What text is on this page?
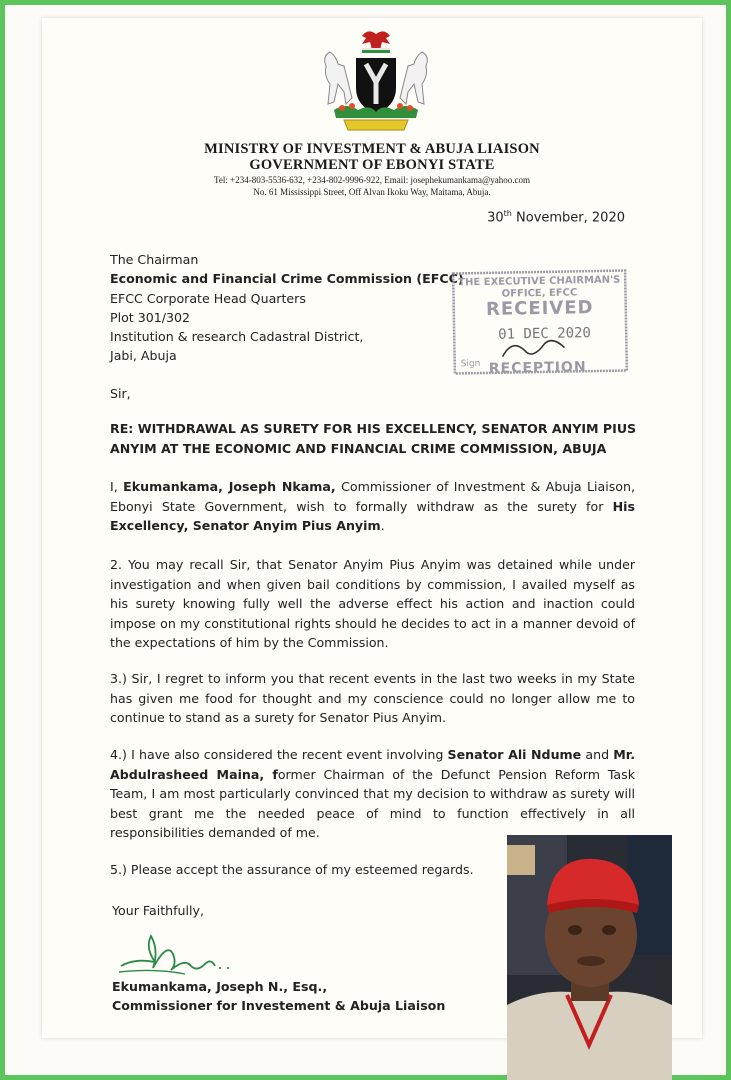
MINISTRY OF INVESTMENT & ABUJA LIAISON
GOVERNMENT OF EBONYI STATE
Tel: +234-803-5536-632, +234-802-9996-922, Email: josephekumankama@yahoo.com
No. 61 Mississippi Street, Off Alvan Ikoku Way, Maitama, Abuja.
30th November, 2020
The Chairman
Economic and Financial Crime Commission (EFCC)
EFCC Corporate Head Quarters
Plot 301/302
Institution & research Cadastral District,
Jabi, Abuja
THE EXECUTIVE CHAIRMAN'S
OFFICE, EFCC
RECEIVED
01 DEC 2020
Sign RECEPTION
Sir,
RE: WITHDRAWAL AS SURETY FOR HIS EXCELLENCY, SENATOR ANYIM PIUS
ANYIM AT THE ECONOMIC AND FINANCIAL CRIME COMMISSION, ABUJA
I, Ekumankama, Joseph Nkama, Commissioner of Investment & Abuja Liaison, Ebonyi State Government, wish to formally withdraw as the surety for His Excellency, Senator Anyim Pius Anyim.
2. You may recall Sir, that Senator Anyim Pius Anyim was detained while under investigation and when given bail conditions by commission, I availed myself as his surety knowing fully well the adverse effect his action and inaction could impose on my constitutional rights should he decides to act in a manner devoid of the expectations of him by the Commission.
3.) Sir, I regret to inform you that recent events in the last two weeks in my State has given me food for thought and my conscience could no longer allow me to continue to stand as a surety for Senator Pius Anyim.
4.) I have also considered the recent event involving Senator Ali Ndume and Mr. Abdulrasheed Maina, former Chairman of the Defunct Pension Reform Task Team, I am most particularly convinced that my decision to withdraw as surety will best grant me the needed peace of mind to function effectively in all responsibilities demanded of me.
5.) Please accept the assurance of my esteemed regards.
Your Faithfully,
Ekumankama, Joseph N., Esq.,
Commissioner for Investement & Abuja Liaison
